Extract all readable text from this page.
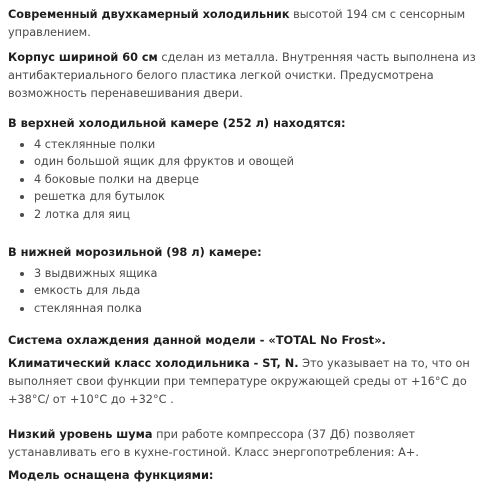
Современный двухкамерный холодильник высотой 194 см с сенсорным управлением.

Корпус шириной 60 см сделан из металла. Внутренняя часть выполнена из антибактериального белого пластика легкой очистки. Предусмотрена возможность перенавешивания двери.

В верхней холодильной камере (252 л) находятся:

4 стеклянные полки
один большой ящик для фруктов и овощей
4 боковые полки на дверце
решетка для бутылок
2 лотка для яиц

В нижней морозильной (98 л) камере:

3 выдвижных ящика
емкость для льда
стеклянная полка

Система охлаждения данной модели - «TOTAL No Frost».

Климатический класс холодильника - ST, N. Это указывает на то, что он выполняет свои функции при температуре окружающей среды от +16°C до +38°C/ от +10°C до +32°C .

Низкий уровень шума при работе компрессора (37 Дб) позволяет устанавливать его в кухне-гостиной. Класс энергопотребления: А+.

Модель оснащена функциями:
